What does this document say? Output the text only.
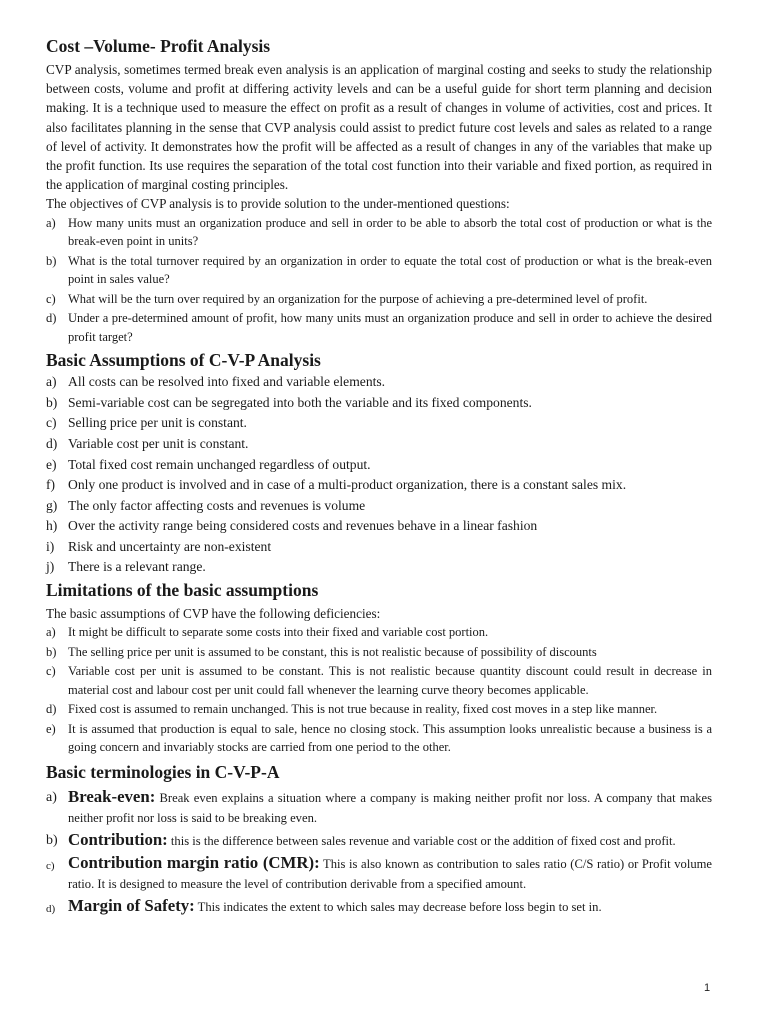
Cost –Volume- Profit Analysis

CVP analysis, sometimes termed break even analysis is an application of marginal costing and seeks to study the relationship between costs, volume and profit at differing activity levels and can be a useful guide for short term planning and decision making. It is a technique used to measure the effect on profit as a result of changes in volume of activities, cost and prices. It also facilitates planning in the sense that CVP analysis could assist to predict future cost levels and sales as related to a range of level of activity. It demonstrates how the profit will be affected as a result of changes in any of the variables that make up the profit function. Its use requires the separation of the total cost function into their variable and fixed portion, as required in the application of marginal costing principles.

The objectives of CVP analysis is to provide solution to the under-mentioned questions:

a) How many units must an organization produce and sell in order to be able to absorb the total cost of production or what is the break-even point in units?
b) What is the total turnover required by an organization in order to equate the total cost of production or what is the break-even point in sales value?
c) What will be the turn over required by an organization for the purpose of achieving a pre-determined level of profit.
d) Under a pre-determined amount of profit, how many units must an organization produce and sell in order to achieve the desired profit target?
Basic Assumptions of C-V-P Analysis
a) All costs can be resolved into fixed and variable elements.
b) Semi-variable cost can be segregated into both the variable and its fixed components.
c) Selling price per unit is constant.
d) Variable cost per unit is constant.
e) Total fixed cost remain unchanged regardless of output.
f) Only one product is involved and in case of a multi-product organization, there is a constant sales mix.
g) The only factor affecting costs and revenues is volume
h) Over the activity range being considered costs and revenues behave in a linear fashion
i) Risk and uncertainty are non-existent
j) There is a relevant range.
Limitations of the basic assumptions

The basic assumptions of CVP have the following deficiencies:

a) It might be difficult to separate some costs into their fixed and variable cost portion.
b) The selling price per unit is assumed to be constant, this is not realistic because of possibility of discounts
c) Variable cost per unit is assumed to be constant. This is not realistic because quantity discount could result in decrease in material cost and labour cost per unit could fall whenever the learning curve theory becomes applicable.
d) Fixed cost is assumed to remain unchanged. This is not true because in reality, fixed cost moves in a step like manner.
e) It is assumed that production is equal to sale, hence no closing stock. This assumption looks unrealistic because a business is a going concern and invariably stocks are carried from one period to the other.
Basic terminologies in C-V-P-A
a) Break-even: Break even explains a situation where a company is making neither profit nor loss. A company that makes neither profit nor loss is said to be breaking even.
b) Contribution: this is the difference between sales revenue and variable cost or the addition of fixed cost and profit.
c) Contribution margin ratio (CMR): This is also known as contribution to sales ratio (C/S ratio) or Profit volume ratio. It is designed to measure the level of contribution derivable from a specified amount.
d) Margin of Safety: This indicates the extent to which sales may decrease before loss begin to set in.
1
